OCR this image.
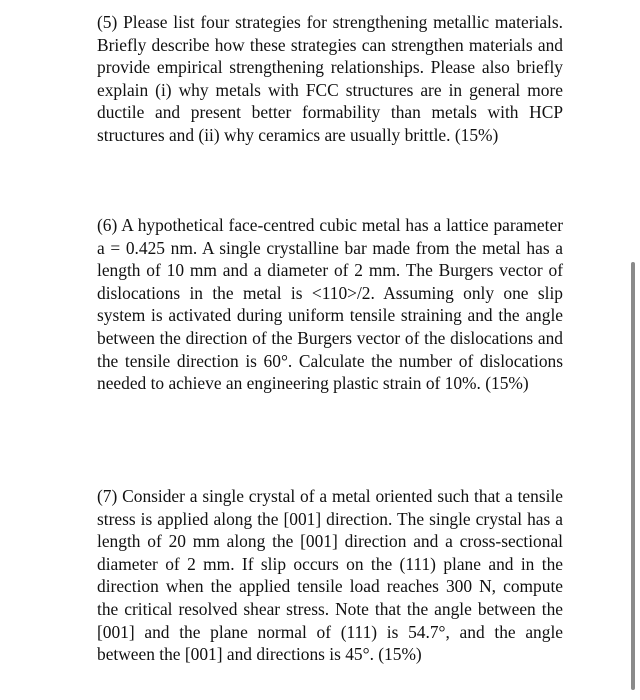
(5) Please list four strategies for strengthening metallic materials. Briefly describe how these strategies can strengthen materials and provide empirical strengthening relationships. Please also briefly explain (i) why metals with FCC structures are in general more ductile and present better formability than metals with HCP structures and (ii) why ceramics are usually brittle. (15%)

(6) A hypothetical face-centred cubic metal has a lattice parameter a = 0.425 nm. A single crystalline bar made from the metal has a length of 10 mm and a diameter of 2 mm. The Burgers vector of dislocations in the metal is <110>/2. Assuming only one slip system is activated during uniform tensile straining and the angle between the direction of the Burgers vector of the dislocations and the tensile direction is 60°. Calculate the number of dislocations needed to achieve an engineering plastic strain of 10%. (15%)

(7) Consider a single crystal of a metal oriented such that a tensile stress is applied along the [001] direction. The single crystal has a length of 20 mm along the [001] direction and a cross-sectional diameter of 2 mm. If slip occurs on the (111) plane and in the direction when the applied tensile load reaches 300 N, compute the critical resolved shear stress. Note that the angle between the [001] and the plane normal of (111) is 54.7°, and the angle between the [001] and directions is 45°. (15%)
